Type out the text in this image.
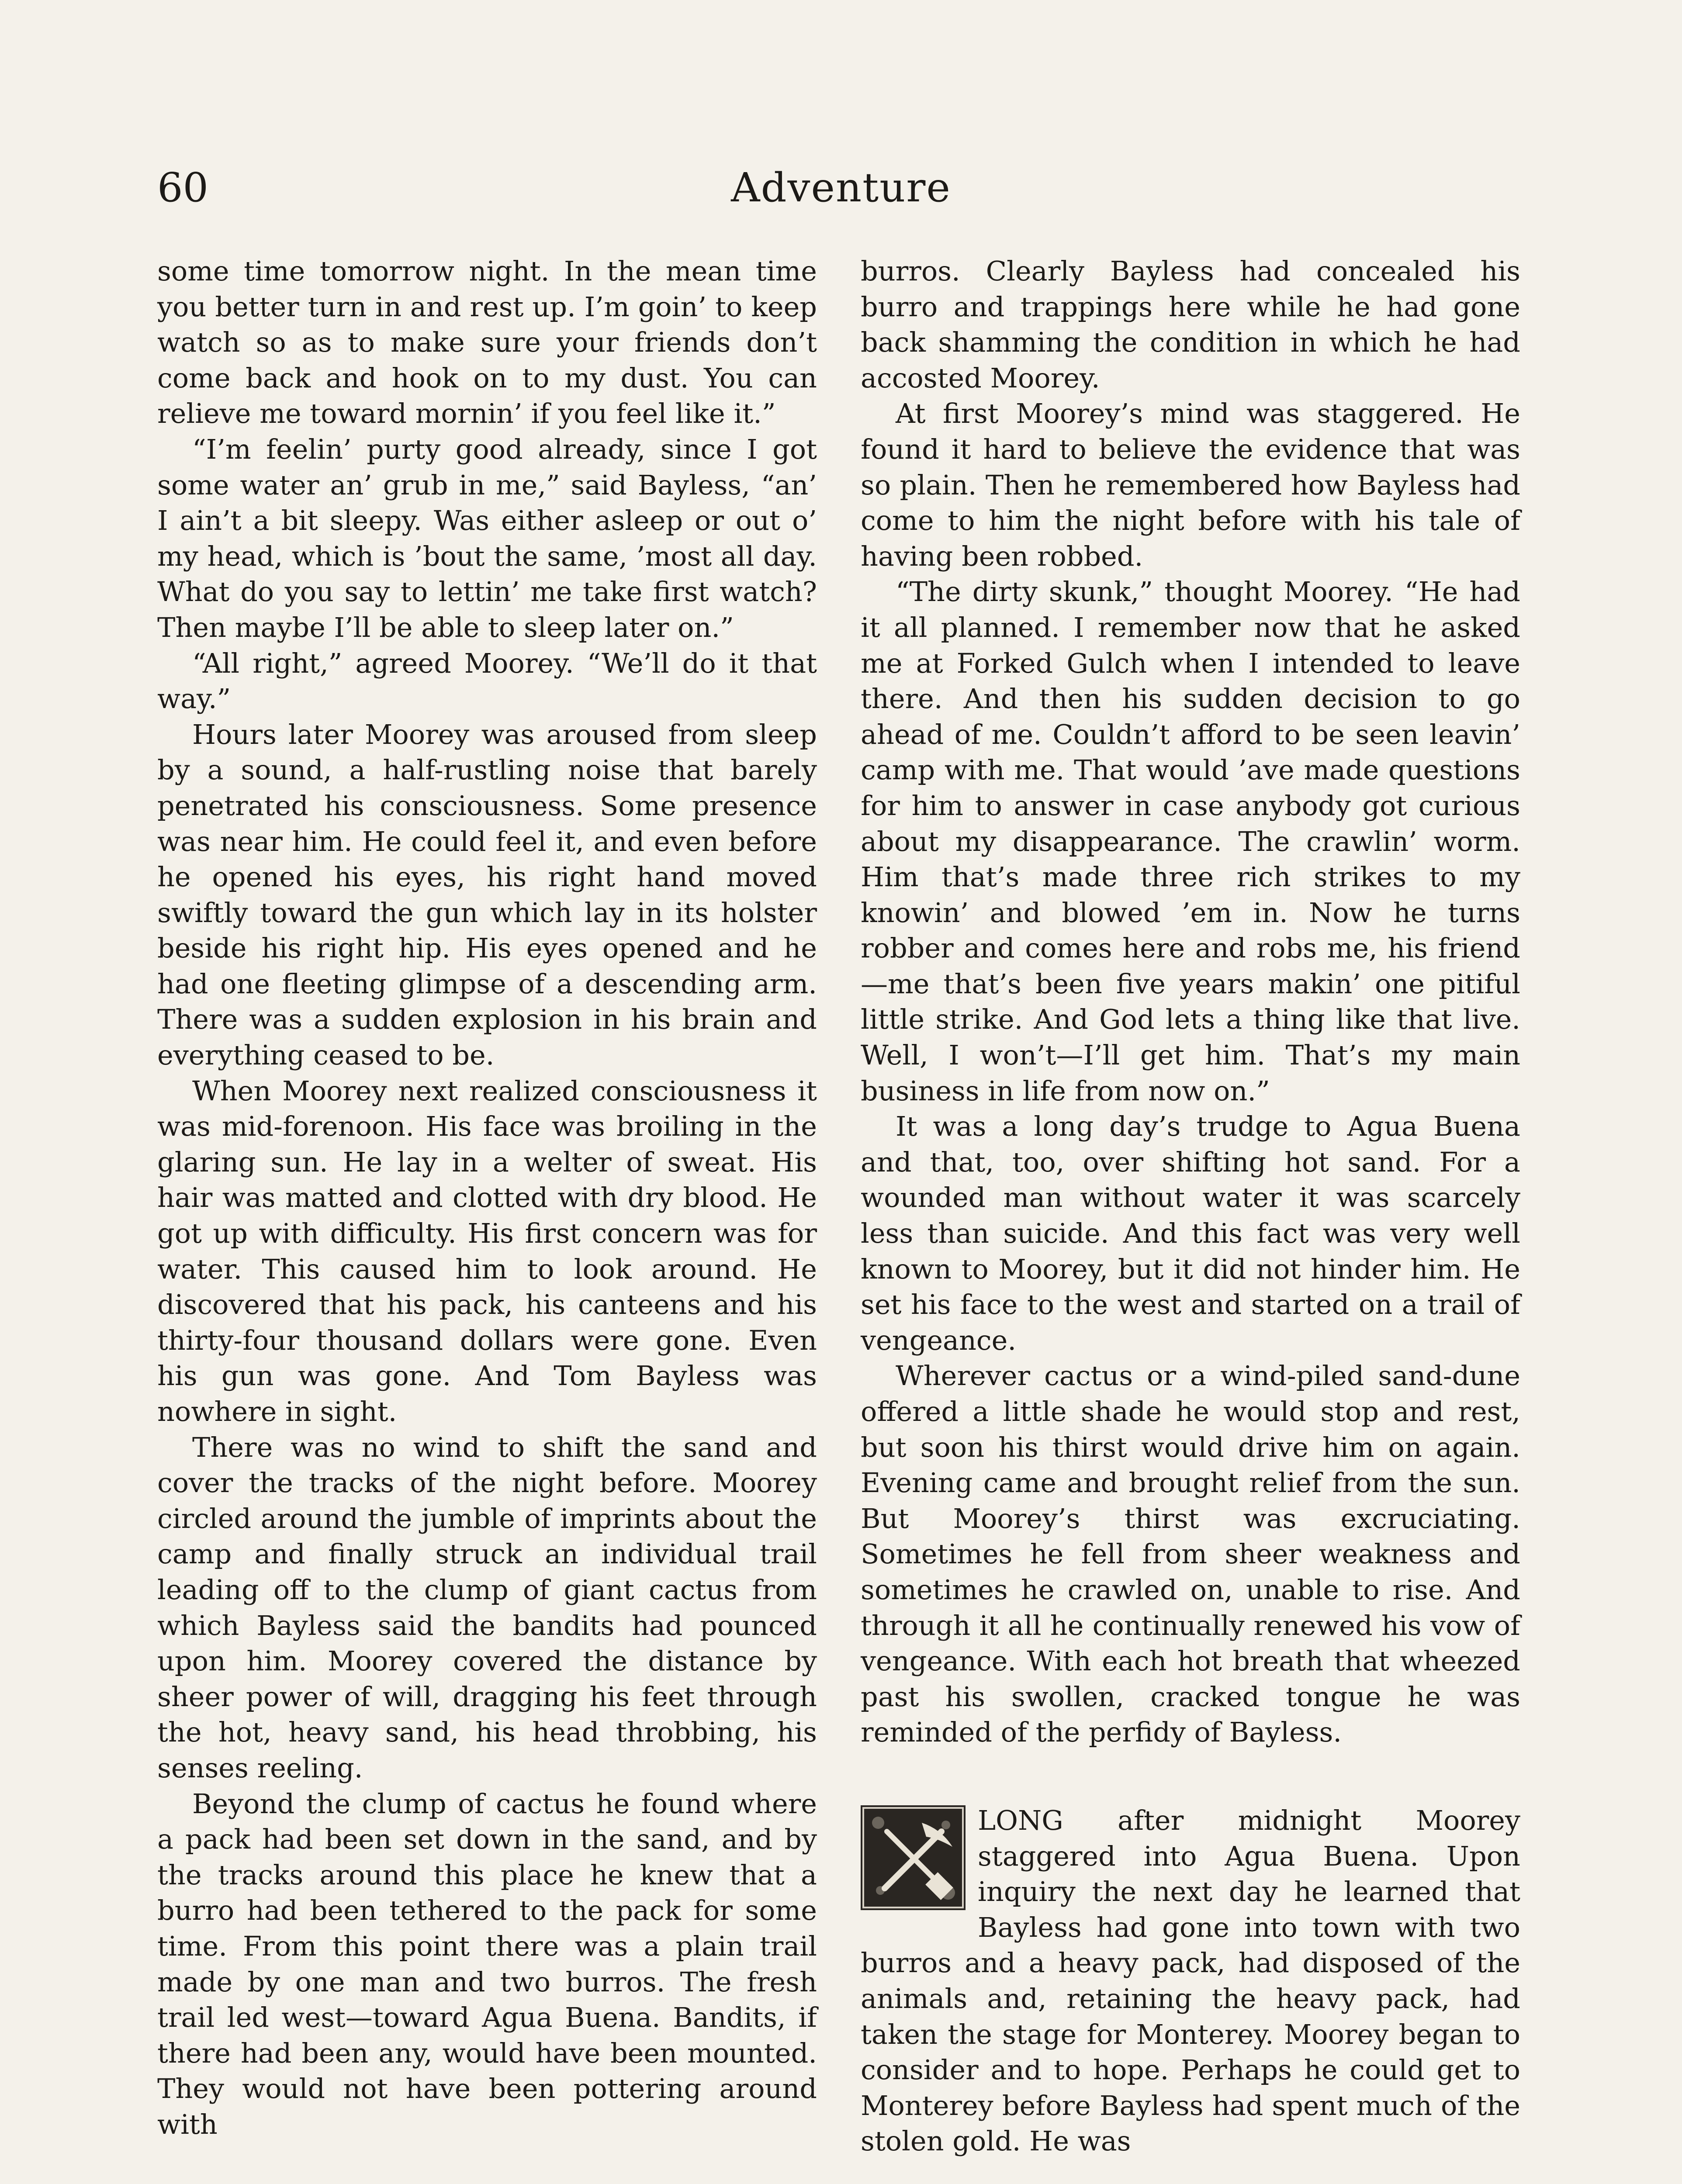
60	Adventure

some time tomorrow night. In the mean time you better turn in and rest up. I’m goin’ to keep watch so as to make sure your friends don’t come back and hook on to my dust. You can relieve me toward mornin’ if you feel like it.”

“I’m feelin’ purty good already, since I got some water an’ grub in me,” said Bayless, “an’ I ain’t a bit sleepy. Was either asleep or out o’ my head, which is ’bout the same, ’most all day. What do you say to lettin’ me take first watch? Then maybe I’ll be able to sleep later on.”

“All right,” agreed Moorey. “We’ll do it that way.”

Hours later Moorey was aroused from sleep by a sound, a half-rustling noise that barely penetrated his consciousness. Some presence was near him. He could feel it, and even before he opened his eyes, his right hand moved swiftly toward the gun which lay in its holster beside his right hip. His eyes opened and he had one fleeting glimpse of a descending arm. There was a sudden explosion in his brain and everything ceased to be.

When Moorey next realized consciousness it was mid-forenoon. His face was broiling in the glaring sun. He lay in a welter of sweat. His hair was matted and clotted with dry blood. He got up with difficulty. His first concern was for water. This caused him to look around. He discovered that his pack, his canteens and his thirty-four thousand dollars were gone. Even his gun was gone. And Tom Bayless was nowhere in sight.

There was no wind to shift the sand and cover the tracks of the night before. Moorey circled around the jumble of imprints about the camp and finally struck an individual trail leading off to the clump of giant cactus from which Bayless said the bandits had pounced upon him. Moorey covered the distance by sheer power of will, dragging his feet through the hot, heavy sand, his head throbbing, his senses reeling.

Beyond the clump of cactus he found where a pack had been set down in the sand, and by the tracks around this place he knew that a burro had been tethered to the pack for some time. From this point there was a plain trail made by one man and two burros. The fresh trail led west—toward Agua Buena. Bandits, if there had been any, would have been mounted. They would not have been pottering around with

burros. Clearly Bayless had concealed his burro and trappings here while he had gone back shamming the condition in which he had accosted Moorey.

At first Moorey’s mind was staggered. He found it hard to believe the evidence that was so plain. Then he remembered how Bayless had come to him the night before with his tale of having been robbed.

“The dirty skunk,” thought Moorey. “He had it all planned. I remember now that he asked me at Forked Gulch when I intended to leave there. And then his sudden decision to go ahead of me. Couldn’t afford to be seen leavin’ camp with me. That would ’ave made questions for him to answer in case anybody got curious about my disappearance. The crawlin’ worm. Him that’s made three rich strikes to my knowin’ and blowed ’em in. Now he turns robber and comes here and robs me, his friend—me that’s been five years makin’ one pitiful little strike. And God lets a thing like that live. Well, I won’t—I’ll get him. That’s my main business in life from now on.”

It was a long day’s trudge to Agua Buena and that, too, over shifting hot sand. For a wounded man without water it was scarcely less than suicide. And this fact was very well known to Moorey, but it did not hinder him. He set his face to the west and started on a trail of vengeance.

Wherever cactus or a wind-piled sand-dune offered a little shade he would stop and rest, but soon his thirst would drive him on again. Evening came and brought relief from the sun. But Moorey’s thirst was excruciating. Sometimes he fell from sheer weakness and sometimes he crawled on, unable to rise. And through it all he continually renewed his vow of vengeance. With each hot breath that wheezed past his swollen, cracked tongue he was reminded of the perfidy of Bayless.

LONG after midnight Moorey staggered into Agua Buena. Upon inquiry the next day he learned that Bayless had gone into town with two burros and a heavy pack, had disposed of the animals and, retaining the heavy pack, had taken the stage for Monterey. Moorey began to consider and to hope. Perhaps he could get to Monterey before Bayless had spent much of the stolen gold. He was
